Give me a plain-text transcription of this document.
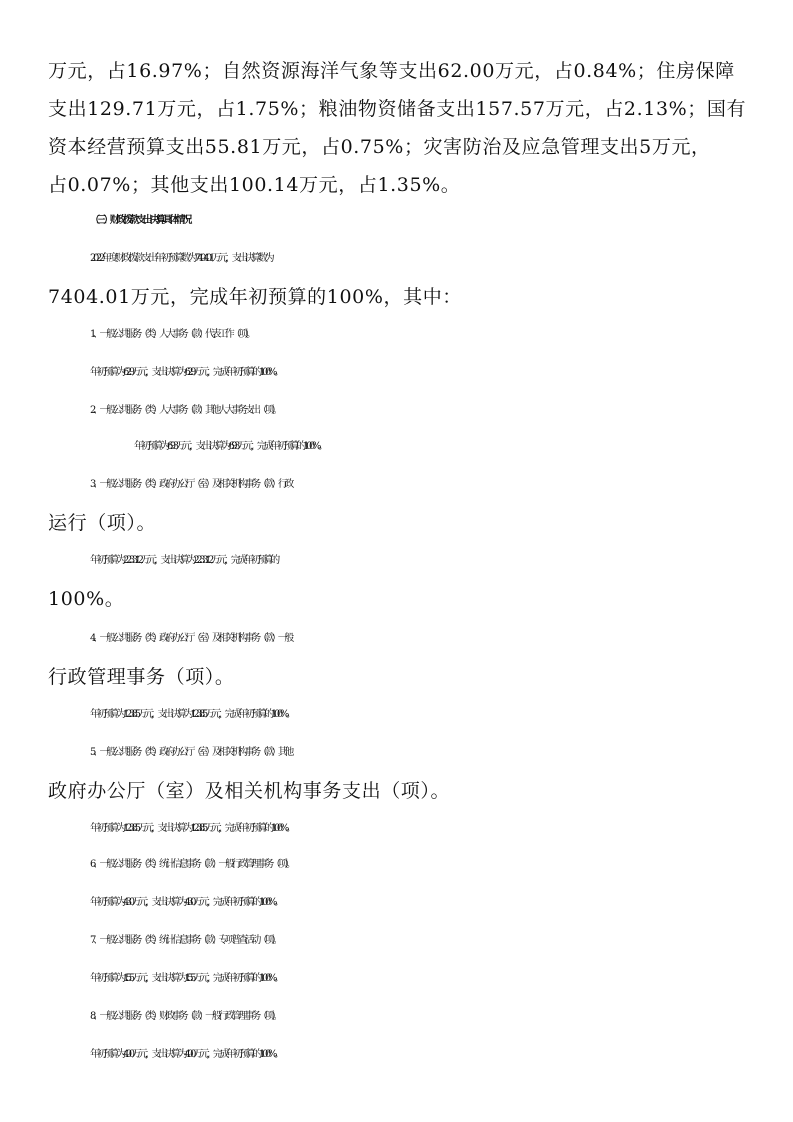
万元，占16.97%；自然资源海洋气象等支出62.00万元，占0.84%；住房保障
支出129.71万元，占1.75%；粮油物资储备支出157.57万元，占2.13%；国有
资本经营预算支出55.81万元，占0.75%；灾害防治及应急管理支出5万元，
占0.07%；其他支出100.14万元，占1.35%。
（三）财政拨款支出决算具体情况
2022年度财政拨款支出年初预算数为7404.01万元，支出决算数为
7404.01万元，完成年初预算的100%，其中：
1、一般公共服务（类）人大事务（款） 代表工作（项）。
年初预算为6.29万元，支出决算为6.29万元，完成年初预算的100%。
2、一般公共服务（类）人大事务（款） 其他人大事务支出（项）。
年初预算为6.93万元，支出决算为6.93万元，完成年初预算的100%。
3、一般公共服务（类）政府办公厅（室）及相关机构事务（款）行政
运行（项）。
年初预算为2233.12万元，支出决算为2233.12万元，完成年初预算的
100%。
4、一般公共服务（类）政府办公厅（室）及相关机构事务（款）一般
行政管理事务（项）。
年初预算为123.85万元，支出决算为123.85万元，完成年初预算的100%。
5、一般公共服务（类）政府办公厅（室）及相关机构事务（款）其他
政府办公厅（室）及相关机构事务支出（项）。
年初预算为123.85万元，支出决算为123.85万元，完成年初预算的100%。
6、一般公共服务（类）统计信息事务（款）一般行政管理事务（项）。
年初预算为4.30万元，支出决算为4.30万元，完成年初预算的100%。
7、一般公共服务（类）统计信息事务（款）专项普查活动（项）。
年初预算为1.55万元，支出决算为1.55万元，完成年初预算的100%。
8、一般公共服务（类）财政事务（款）一般行政管理事务（项）。
年初预算为4.00万元，支出决算为4.00万元，完成年初预算的100%。
